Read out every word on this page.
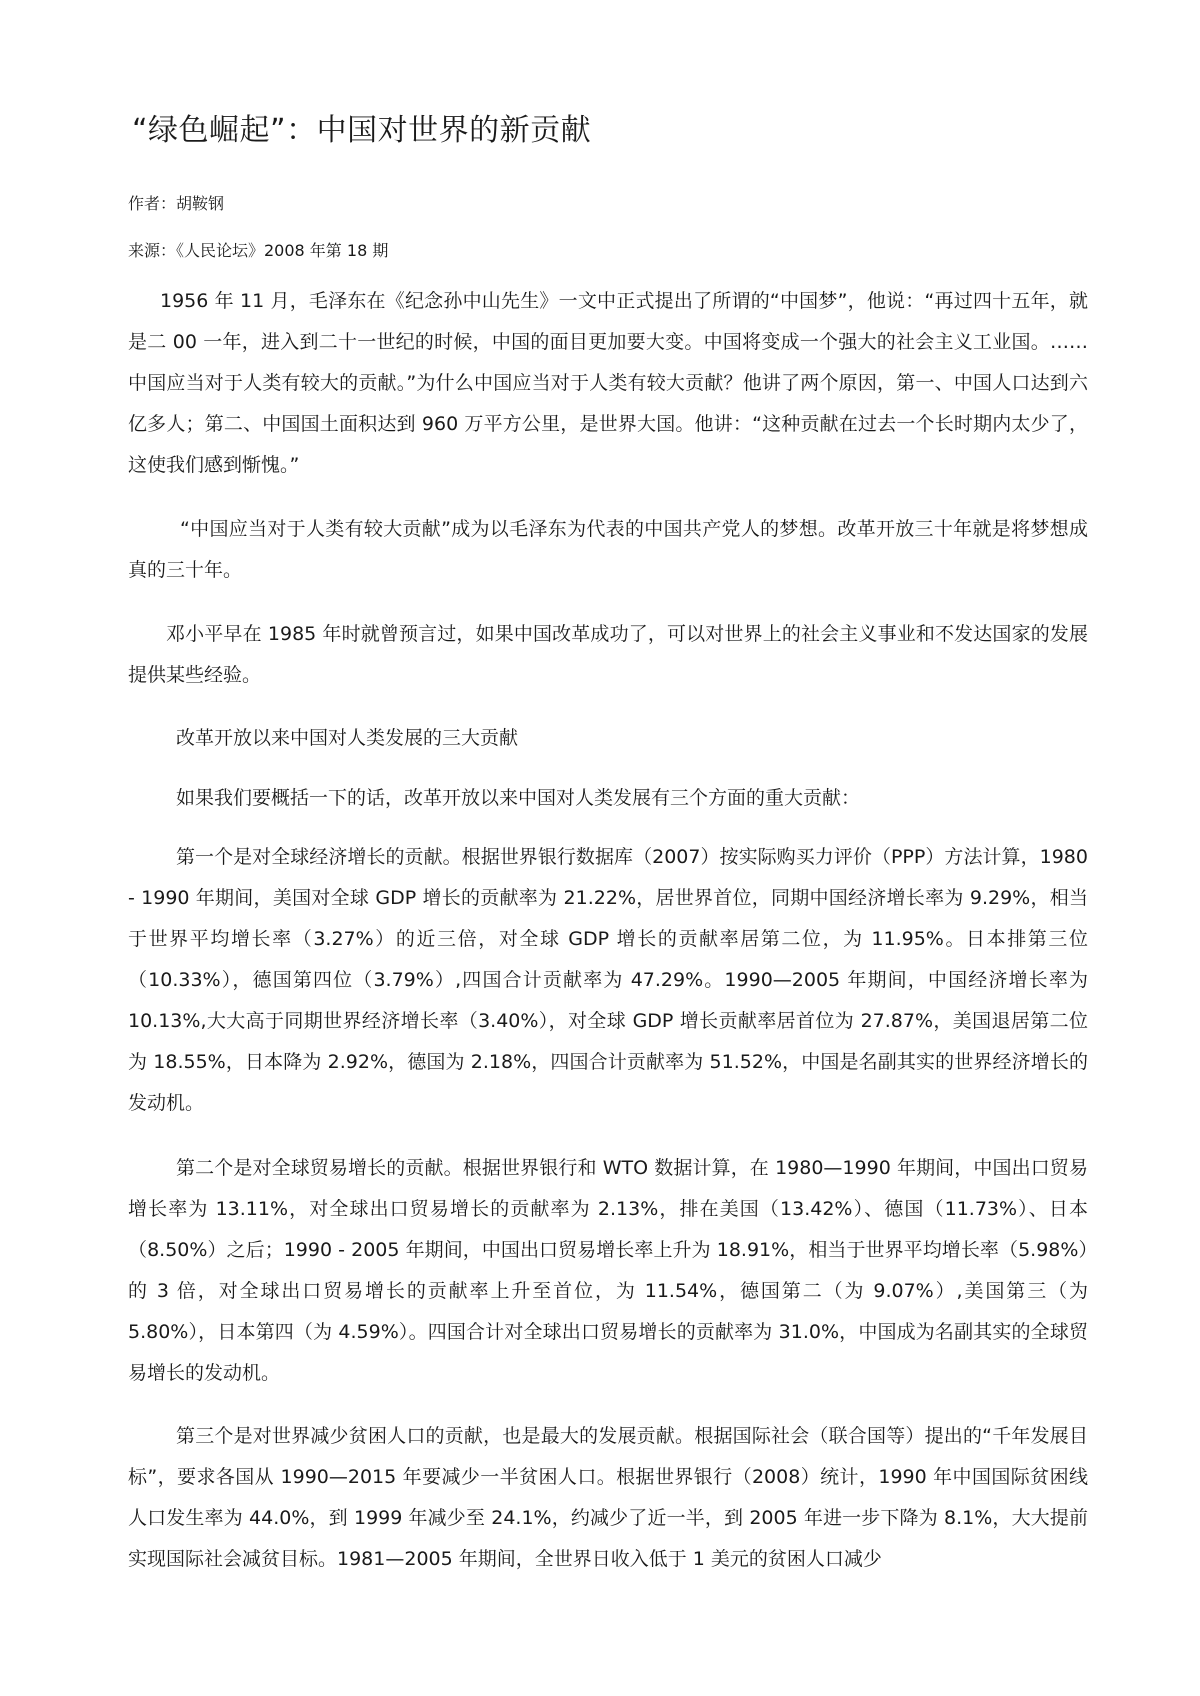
“绿色崛起”：中国对世界的新贡献

作者：胡鞍钢

来源：《人民论坛》2008 年第 18 期

1956 年 11 月，毛泽东在《纪念孙中山先生》一文中正式提出了所谓的“中国梦”，他说：“再过四十五年，就是二 00 一年，进入到二十一世纪的时候，中国的面目更加要大变。中国将变成一个强大的社会主义工业国。……中国应当对于人类有较大的贡献。”为什么中国应当对于人类有较大贡献？他讲了两个原因，第一、中国人口达到六亿多人；第二、中国国土面积达到 960 万平方公里，是世界大国。他讲：“这种贡献在过去一个长时期内太少了，这使我们感到惭愧。”

“中国应当对于人类有较大贡献”成为以毛泽东为代表的中国共产党人的梦想。改革开放三十年就是将梦想成真的三十年。

邓小平早在 1985 年时就曾预言过，如果中国改革成功了，可以对世界上的社会主义事业和不发达国家的发展提供某些经验。

改革开放以来中国对人类发展的三大贡献

如果我们要概括一下的话，改革开放以来中国对人类发展有三个方面的重大贡献：

第一个是对全球经济增长的贡献。根据世界银行数据库（2007）按实际购买力评价（PPP）方法计算，1980 - 1990 年期间，美国对全球 GDP 增长的贡献率为 21.22%，居世界首位，同期中国经济增长率为 9.29%，相当于世界平均增长率（3.27%）的近三倍，对全球 GDP 增长的贡献率居第二位，为 11.95%。日本排第三位（10.33%），德国第四位（3.79%）,四国合计贡献率为 47.29%。1990—2005 年期间，中国经济增长率为 10.13%,大大高于同期世界经济增长率（3.40%），对全球 GDP 增长贡献率居首位为 27.87%，美国退居第二位为 18.55%，日本降为 2.92%，德国为 2.18%，四国合计贡献率为 51.52%，中国是名副其实的世界经济增长的发动机。

第二个是对全球贸易增长的贡献。根据世界银行和 WTO 数据计算，在 1980—1990 年期间，中国出口贸易增长率为 13.11%，对全球出口贸易增长的贡献率为 2.13%，排在美国（13.42%）、德国（11.73%）、日本（8.50%）之后；1990 - 2005 年期间，中国出口贸易增长率上升为 18.91%，相当于世界平均增长率（5.98%）的 3 倍，对全球出口贸易增长的贡献率上升至首位，为 11.54%，德国第二（为 9.07%）,美国第三（为 5.80%），日本第四（为 4.59%）。四国合计对全球出口贸易增长的贡献率为 31.0%，中国成为名副其实的全球贸易增长的发动机。

第三个是对世界减少贫困人口的贡献，也是最大的发展贡献。根据国际社会（联合国等）提出的“千年发展目标”，要求各国从 1990—2015 年要减少一半贫困人口。根据世界银行（2008）统计，1990 年中国国际贫困线人口发生率为 44.0%，到 1999 年减少至 24.1%，约减少了近一半，到 2005 年进一步下降为 8.1%，大大提前实现国际社会减贫目标。1981—2005 年期间，全世界日收入低于 1 美元的贫困人口减少
